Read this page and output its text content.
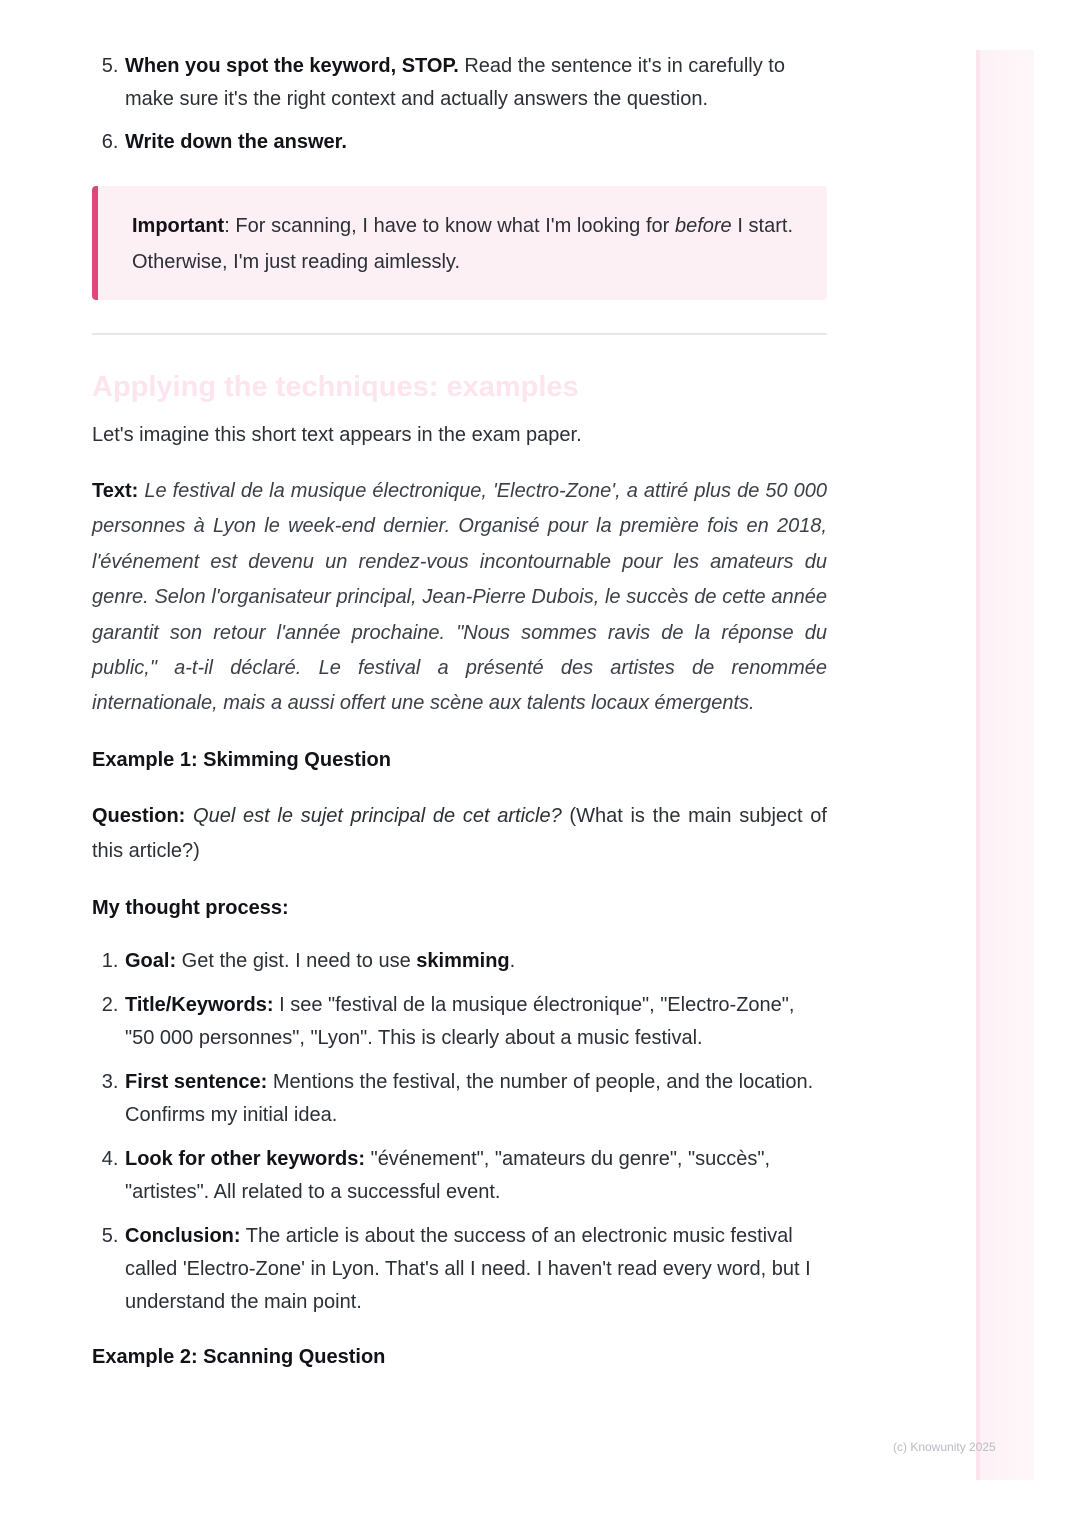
5. When you spot the keyword, STOP. Read the sentence it's in carefully to make sure it's the right context and actually answers the question.
6. Write down the answer.
Important: For scanning, I have to know what I'm looking for before I start. Otherwise, I'm just reading aimlessly.
Applying the techniques: examples

Let's imagine this short text appears in the exam paper.

Text: Le festival de la musique électronique, 'Electro-Zone', a attiré plus de 50 000 personnes à Lyon le week-end dernier. Organisé pour la première fois en 2018, l'événement est devenu un rendez-vous incontournable pour les amateurs du genre. Selon l'organisateur principal, Jean-Pierre Dubois, le succès de cette année garantit son retour l'année prochaine. "Nous sommes ravis de la réponse du public," a-t-il déclaré. Le festival a présenté des artistes de renommée internationale, mais a aussi offert une scène aux talents locaux émergents.

Example 1: Skimming Question

Question: Quel est le sujet principal de cet article? (What is the main subject of this article?)

My thought process:

1. Goal: Get the gist. I need to use skimming.
2. Title/Keywords: I see "festival de la musique électronique", "Electro-Zone", "50 000 personnes", "Lyon". This is clearly about a music festival.
3. First sentence: Mentions the festival, the number of people, and the location. Confirms my initial idea.
4. Look for other keywords: "événement", "amateurs du genre", "succès", "artistes". All related to a successful event.
5. Conclusion: The article is about the success of an electronic music festival called 'Electro-Zone' in Lyon. That's all I need. I haven't read every word, but I understand the main point.

Example 2: Scanning Question

(c) Knowunity 2025
